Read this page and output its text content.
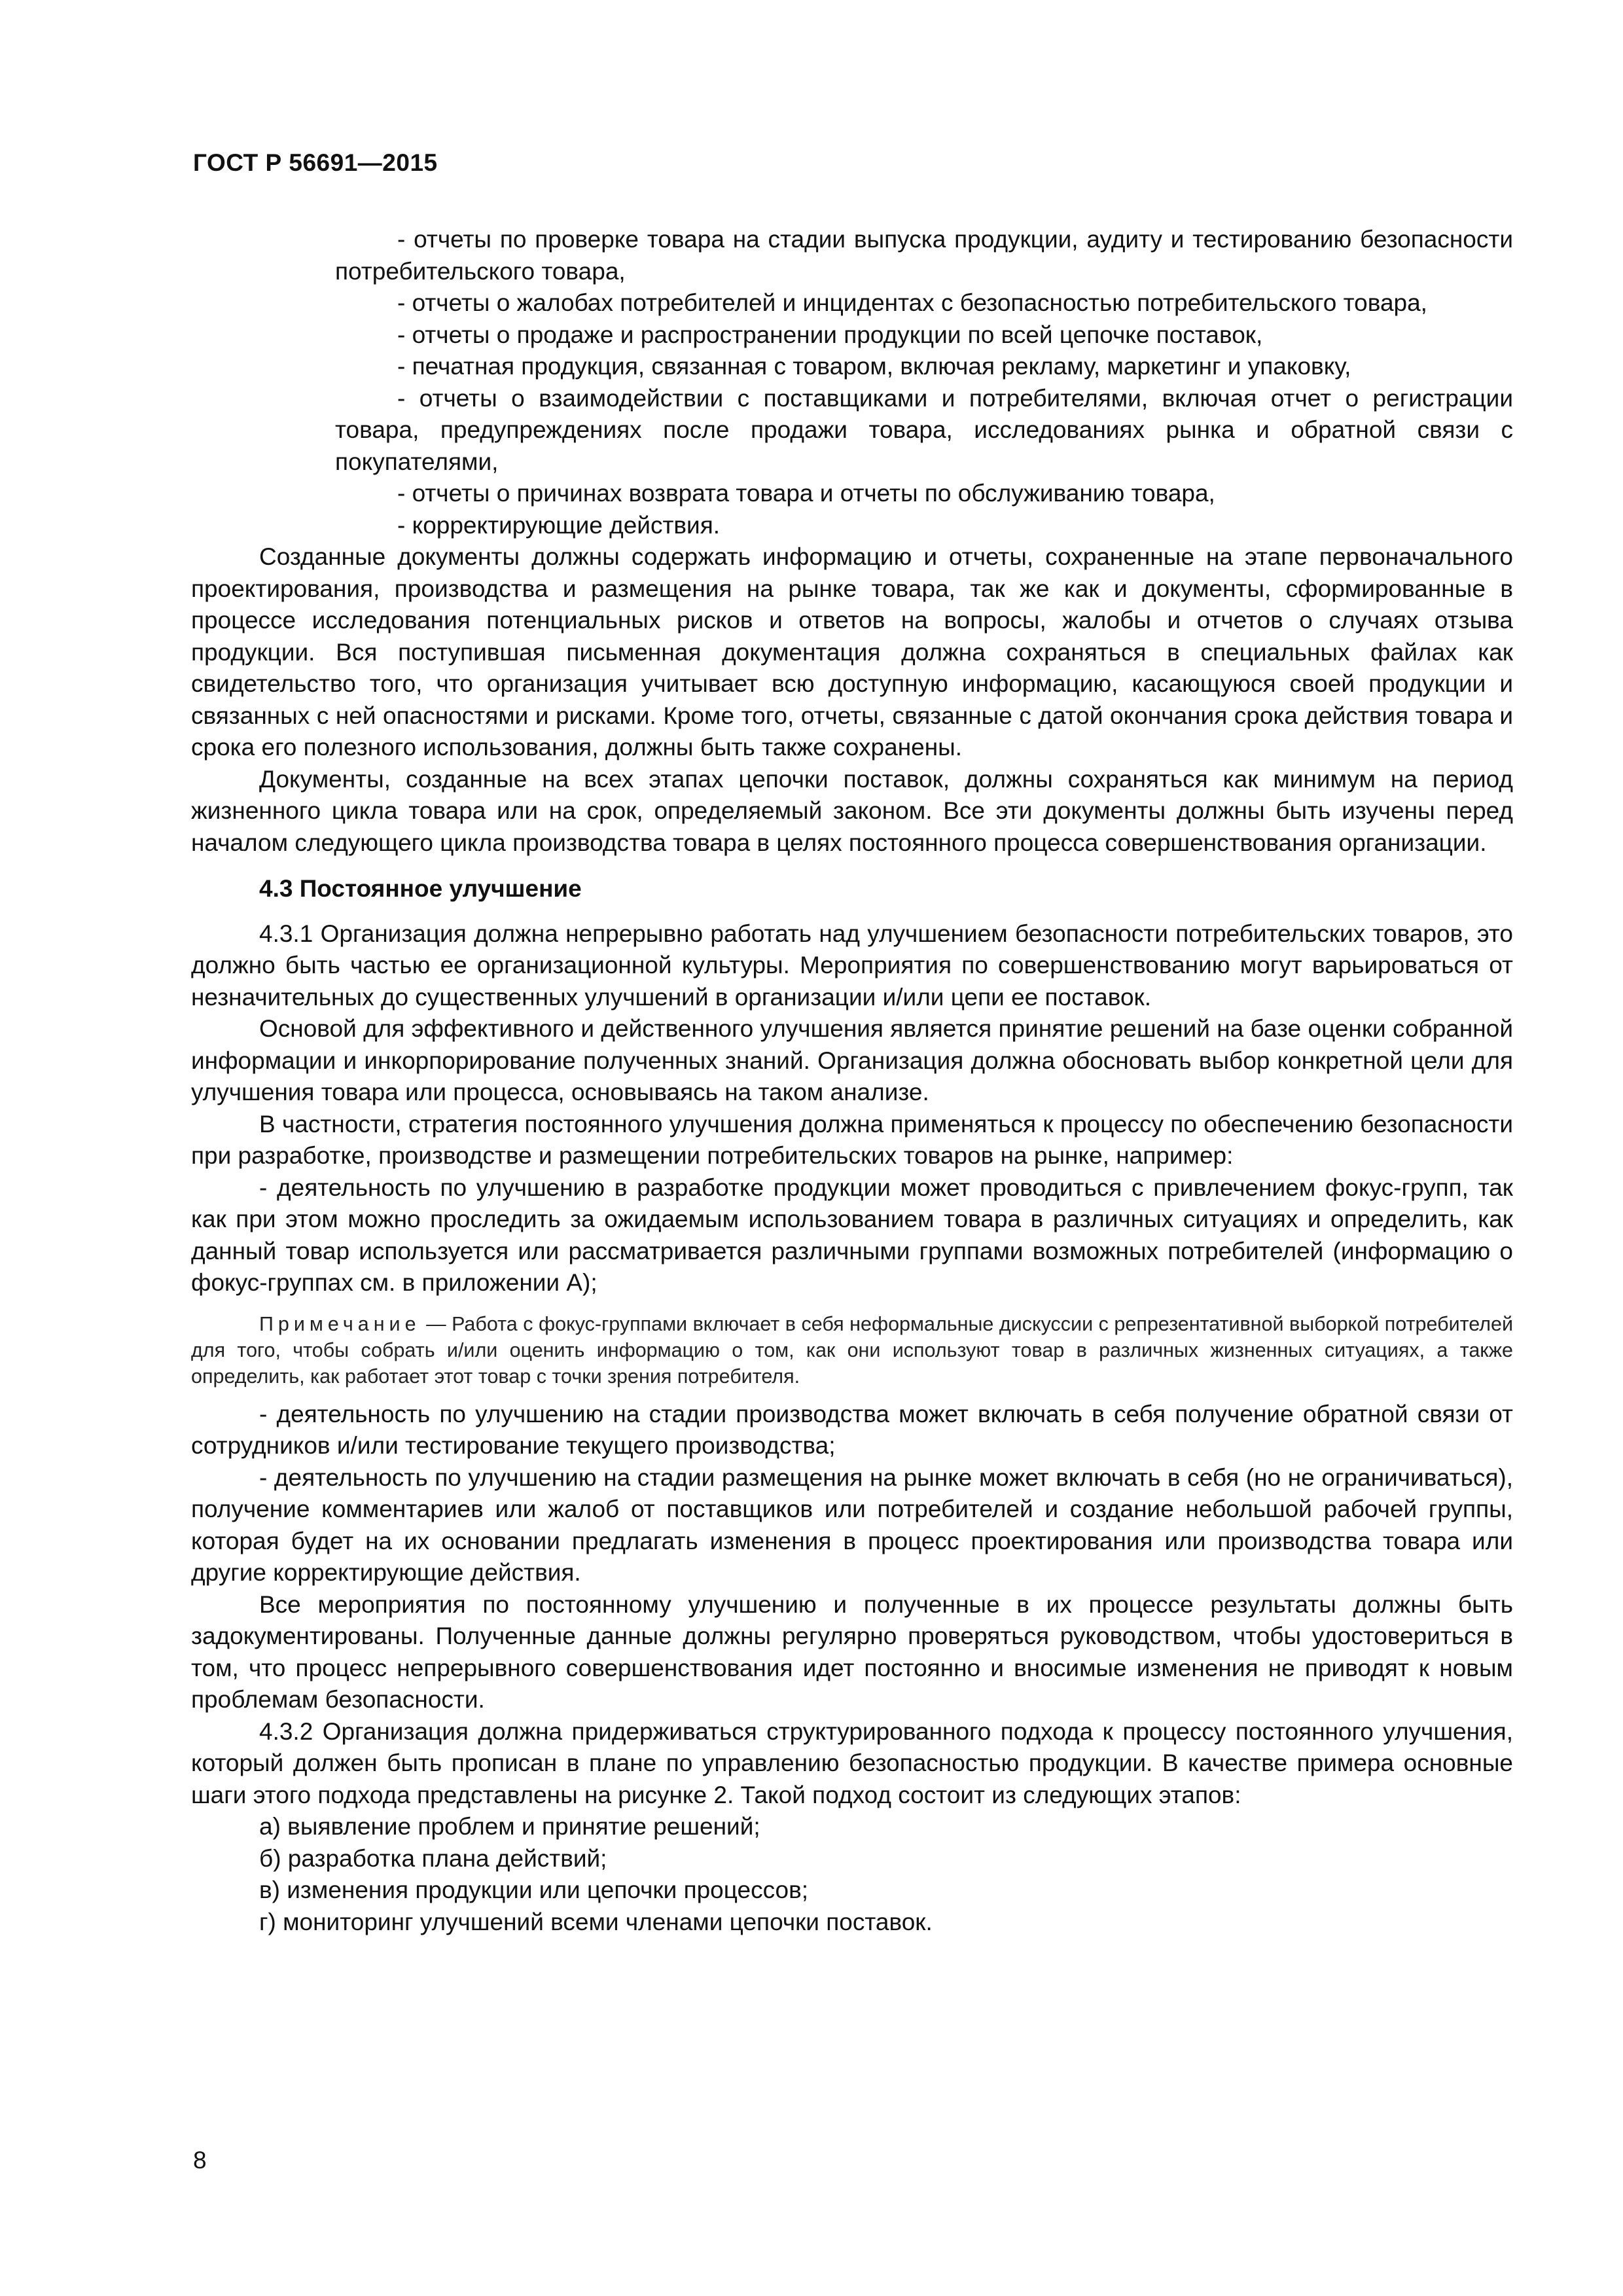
ГОСТ Р 56691—2015

- отчеты по проверке товара на стадии выпуска продукции, аудиту и тестированию безопасности потребительского товара,

- отчеты о жалобах потребителей и инцидентах с безопасностью потребительского товара,

- отчеты о продаже и распространении продукции по всей цепочке поставок,

- печатная продукция, связанная с товаром, включая рекламу, маркетинг и упаковку,

- отчеты о взаимодействии с поставщиками и потребителями, включая отчет о регистрации товара, предупреждениях после продажи товара, исследованиях рынка и обратной связи с покупателями,

- отчеты о причинах возврата товара и отчеты по обслуживанию товара,

- корректирующие действия.

Созданные документы должны содержать информацию и отчеты, сохраненные на этапе первоначального проектирования, производства и размещения на рынке товара, так же как и документы, сформированные в процессе исследования потенциальных рисков и ответов на вопросы, жалобы и отчетов о случаях отзыва продукции. Вся поступившая письменная документация должна сохраняться в специальных файлах как свидетельство того, что организация учитывает всю доступную информацию, касающуюся своей продукции и связанных с ней опасностями и рисками. Кроме того, отчеты, связанные с датой окончания срока действия товара и срока его полезного использования, должны быть также сохранены.

Документы, созданные на всех этапах цепочки поставок, должны сохраняться как минимум на период жизненного цикла товара или на срок, определяемый законом. Все эти документы должны быть изучены перед началом следующего цикла производства товара в целях постоянного процесса совершенствования организации.

4.3 Постоянное улучшение

4.3.1 Организация должна непрерывно работать над улучшением безопасности потребительских товаров, это должно быть частью ее организационной культуры. Мероприятия по совершенствованию могут варьироваться от незначительных до существенных улучшений в организации и/или цепи ее поставок.

Основой для эффективного и действенного улучшения является принятие решений на базе оценки собранной информации и инкорпорирование полученных знаний. Организация должна обосновать выбор конкретной цели для улучшения товара или процесса, основываясь на таком анализе.

В частности, стратегия постоянного улучшения должна применяться к процессу по обеспечению безопасности при разработке, производстве и размещении потребительских товаров на рынке, например:

- деятельность по улучшению в разработке продукции может проводиться с привлечением фокус-групп, так как при этом можно проследить за ожидаемым использованием товара в различных ситуациях и определить, как данный товар используется или рассматривается различными группами возможных потребителей (информацию о фокус-группах см. в приложении А);

Примечание — Работа с фокус-группами включает в себя неформальные дискуссии с репрезентативной выборкой потребителей для того, чтобы собрать и/или оценить информацию о том, как они используют товар в различных жизненных ситуациях, а также определить, как работает этот товар с точки зрения потребителя.

- деятельность по улучшению на стадии производства может включать в себя получение обратной связи от сотрудников и/или тестирование текущего производства;

- деятельность по улучшению на стадии размещения на рынке может включать в себя (но не ограничиваться), получение комментариев или жалоб от поставщиков или потребителей и создание небольшой рабочей группы, которая будет на их основании предлагать изменения в процесс проектирования или производства товара или другие корректирующие действия.

Все мероприятия по постоянному улучшению и полученные в их процессе результаты должны быть задокументированы. Полученные данные должны регулярно проверяться руководством, чтобы удостовериться в том, что процесс непрерывного совершенствования идет постоянно и вносимые изменения не приводят к новым проблемам безопасности.

4.3.2 Организация должна придерживаться структурированного подхода к процессу постоянного улучшения, который должен быть прописан в плане по управлению безопасностью продукции. В качестве примера основные шаги этого подхода представлены на рисунке 2. Такой подход состоит из следующих этапов:

а) выявление проблем и принятие решений;

б) разработка плана действий;

в) изменения продукции или цепочки процессов;

г) мониторинг улучшений всеми членами цепочки поставок.

8
